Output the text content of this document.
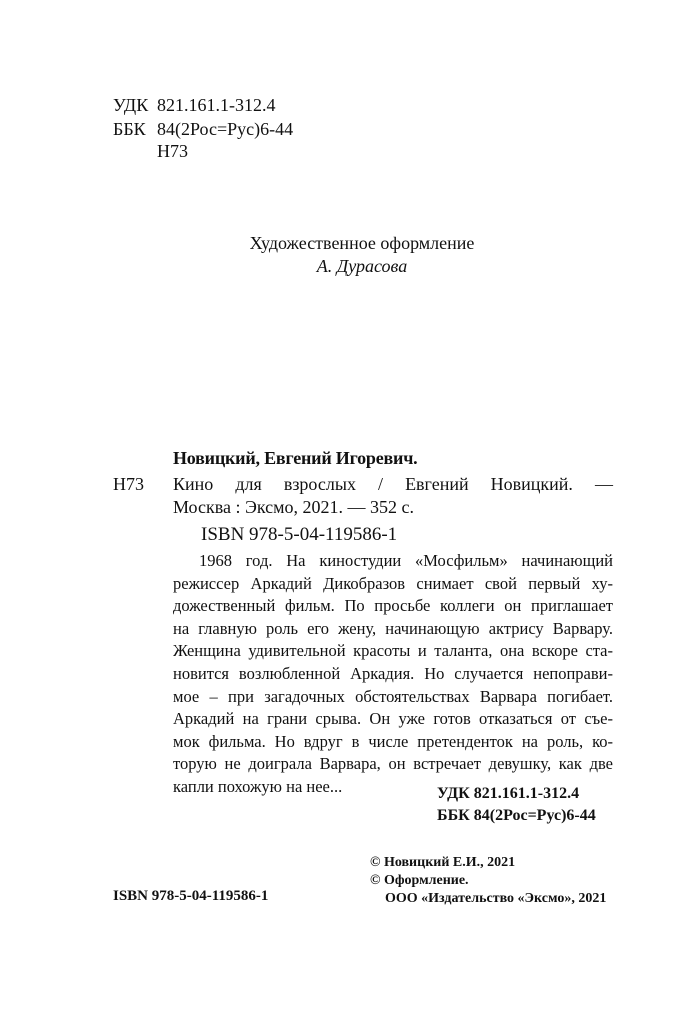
УДК 821.161.1-312.4
ББК 84(2Рос=Рус)6-44
Н73
Художественное оформление
А. Дурасова
Новицкий, Евгений Игоревич.
Н73 Кино для взрослых / Евгений Новицкий. —
Москва : Эксмо, 2021. — 352 с.
ISBN 978-5-04-119586-1
1968 год. На киностудии «Мосфильм» начинающий
режиссер Аркадий Дикобразов снимает свой первый ху-
дожественный фильм. По просьбе коллеги он приглашает
на главную роль его жену, начинающую актрису Варвару.
Женщина удивительной красоты и таланта, она вскоре ста-
новится возлюбленной Аркадия. Но случается непоправи-
мое – при загадочных обстоятельствах Варвара погибает.
Аркадий на грани срыва. Он уже готов отказаться от съе-
мок фильма. Но вдруг в числе претенденток на роль, ко-
торую не доиграла Варвара, он встречает девушку, как две
капли похожую на нее...	УДК 821.161.1-312.4
ББК 84(2Рос=Рус)6-44
© Новицкий Е.И., 2021
© Оформление.
ООО «Издательство «Эксмо», 2021
ISBN 978-5-04-119586-1
